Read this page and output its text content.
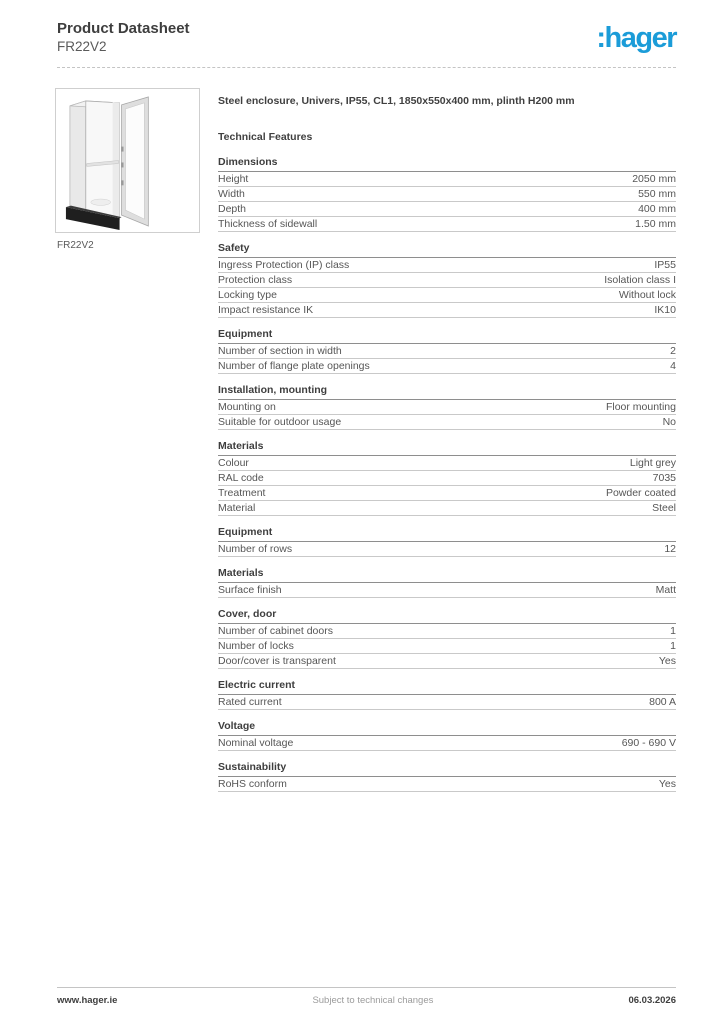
Product Datasheet
FR22V2	:hager
FR22V2
Steel enclosure, Univers, IP55, CL1, 1850x550x400 mm, plinth H200 mm
Technical Features
Dimensions
Height	2050 mm
Width	550 mm
Depth	400 mm
Thickness of sidewall	1.50 mm
Safety
Ingress Protection (IP) class	IP55
Protection class	Isolation class I
Locking type	Without lock
Impact resistance IK	IK10
Equipment
Number of section in width	2
Number of flange plate openings	4
Installation, mounting
Mounting on	Floor mounting
Suitable for outdoor usage	No
Materials
Colour	Light grey
RAL code	7035
Treatment	Powder coated
Material	Steel
Equipment
Number of rows	12
Materials
Surface finish	Matt
Cover, door
Number of cabinet doors	1
Number of locks	1
Door/cover is transparent	Yes
Electric current
Rated current	800 A
Voltage
Nominal voltage	690 - 690 V
Sustainability
RoHS conform	Yes
www.hager.ie	Subject to technical changes	06.03.2026
